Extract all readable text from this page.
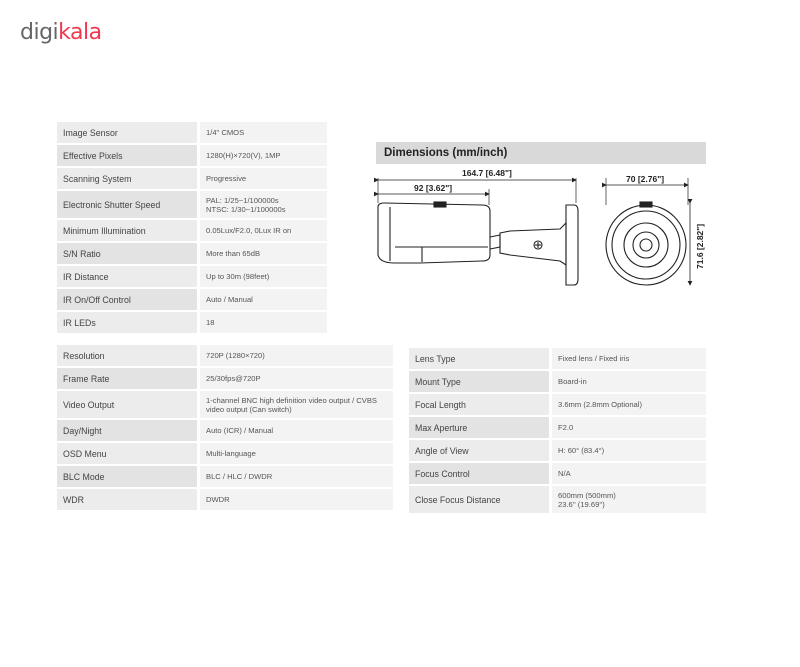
digikala
Image Sensor	1/4" CMOS
Effective Pixels	1280(H)×720(V), 1MP
Scanning System	Progressive
Electronic Shutter Speed	PAL: 1/25~1/100000s
NTSC: 1/30~1/100000s
Minimum Illumination	0.05Lux/F2.0, 0Lux IR on
S/N Ratio	More than 65dB
IR Distance	Up to 30m (98feet)
IR On/Off Control	Auto / Manual
IR LEDs	18
Resolution	720P (1280×720)
Frame Rate	25/30fps@720P
Video Output	1-channel BNC high definition video output / CVBS video output (Can switch)
Day/Night	Auto (ICR) / Manual
OSD Menu	Multi-language
BLC Mode	BLC / HLC / DWDR
WDR	DWDR
Lens Type	Fixed lens / Fixed iris
Mount Type	Board-in
Focal Length	3.6mm (2.8mm Optional)
Max Aperture	F2.0
Angle of View	H: 60° (83.4°)
Focus Control	N/A
Close Focus Distance	600mm (500mm)
23.6'' (19.69'')
Dimensions (mm/inch)
164.7 [6.48"]
92 [3.62"]
70 [2.76"]
71.6 [2.82"]
